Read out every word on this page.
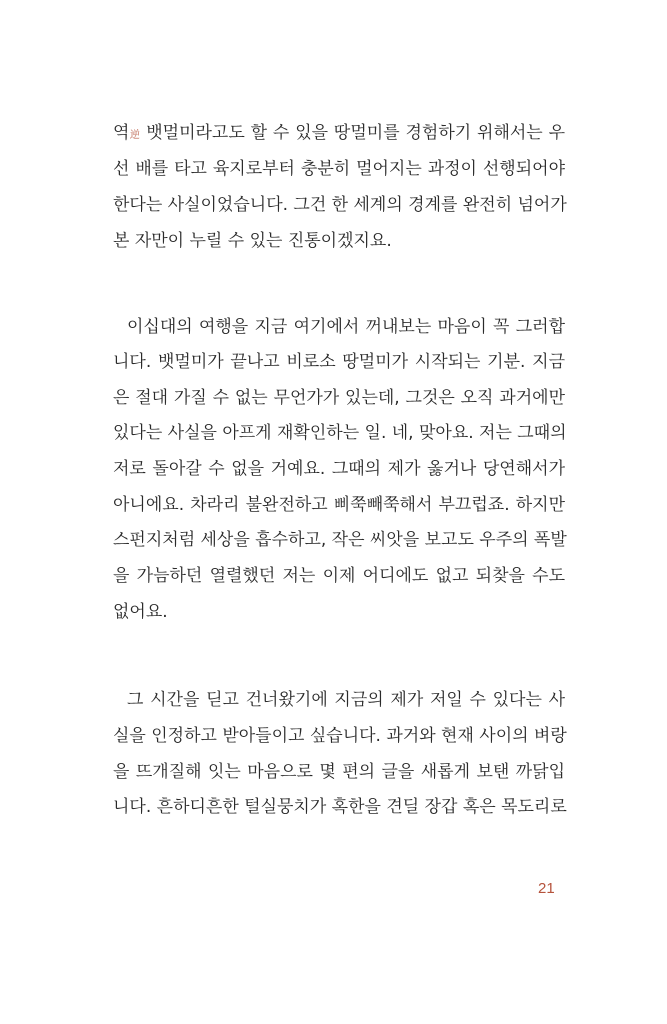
역逆 뱃멀미라고도 할 수 있을 땅멀미를 경험하기 위해서는 우
선 배를 타고 육지로부터 충분히 멀어지는 과정이 선행되어야
한다는 사실이었습니다. 그건 한 세계의 경계를 완전히 넘어가
본 자만이 누릴 수 있는 진통이겠지요.
이십대의 여행을 지금 여기에서 꺼내보는 마음이 꼭 그러합
니다. 뱃멀미가 끝나고 비로소 땅멀미가 시작되는 기분. 지금
은 절대 가질 수 없는 무언가가 있는데, 그것은 오직 과거에만
있다는 사실을 아프게 재확인하는 일. 네, 맞아요. 저는 그때의
저로 돌아갈 수 없을 거예요. 그때의 제가 옳거나 당연해서가
아니에요. 차라리 불완전하고 삐쭉빼쭉해서 부끄럽죠. 하지만
스펀지처럼 세상을 흡수하고, 작은 씨앗을 보고도 우주의 폭발
을 가늠하던 열렬했던 저는 이제 어디에도 없고 되찾을 수도
없어요.
그 시간을 딛고 건너왔기에 지금의 제가 저일 수 있다는 사
실을 인정하고 받아들이고 싶습니다. 과거와 현재 사이의 벼랑
을 뜨개질해 잇는 마음으로 몇 편의 글을 새롭게 보탠 까닭입
니다. 흔하디흔한 털실뭉치가 혹한을 견딜 장갑 혹은 목도리로
21
